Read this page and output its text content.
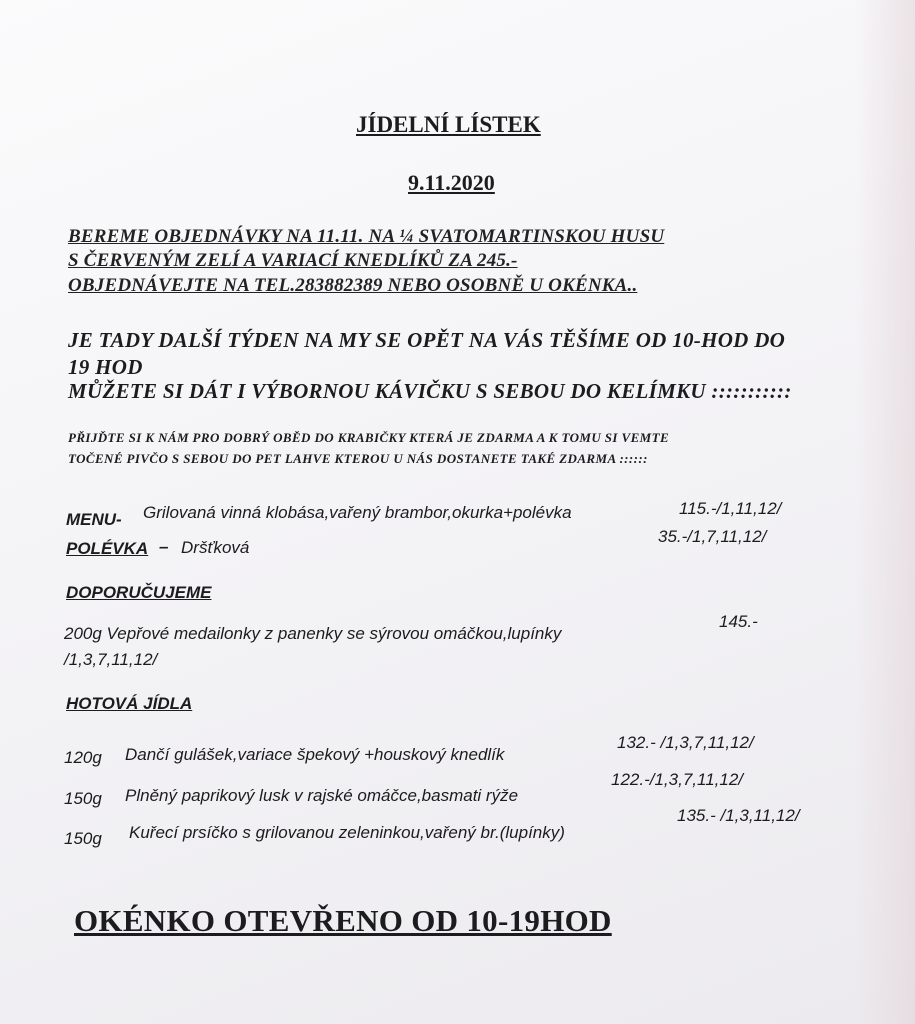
JÍDELNÍ LÍSTEK
9.11.2020
BEREME OBJEDNÁVKY NA 11.11. NA ¼ SVATOMARTINSKOU HUSU
S ČERVENÝM ZELÍ A VARIACÍ KNEDLÍKŮ ZA 245.-
OBJEDNÁVEJTE NA TEL.283882389 NEBO OSOBNĚ U OKÉNKA..
JE TADY DALŠÍ TÝDEN NA MY SE OPĚT NA VÁS TĚŠÍME OD 10-HOD DO
19 HOD
MŮŽETE SI DÁT I VÝBORNOU KÁVIČKU S SEBOU DO KELÍMKU :::::::::::
PŘIJĎTE SI K NÁM PRO DOBRÝ OBĚD DO KRABIČKY KTERÁ JE ZDARMA A K TOMU SI VEMTE
TOČENÉ PIVČO S SEBOU DO PET LAHVE KTEROU U NÁS DOSTANETE TAKÉ ZDARMA ::::::
MENU- Grilovaná vinná klobása,vařený brambor,okurka+polévka	115.-/1,11,12/
POLÉVKA – Dršťková
35.-/1,7,11,12/
DOPORUČUJEME
200g Vepřové medailonky z panenky se sýrovou omáčkou,lupínky
145.-
/1,3,7,11,12/
HOTOVÁ JÍDLA
120g Dančí gulášek,variace špekový +houskový knedlík
132.- /1,3,7,11,12/
150g Plněný paprikový lusk v rajské omáčce,basmati rýže
122.-/1,3,7,11,12/
150g Kuřecí prsíčko s grilovanou zeleninkou,vařený br.(lupínky)
135.- /1,3,11,12/
OKÉNKO OTEVŘENO OD 10-19HOD
